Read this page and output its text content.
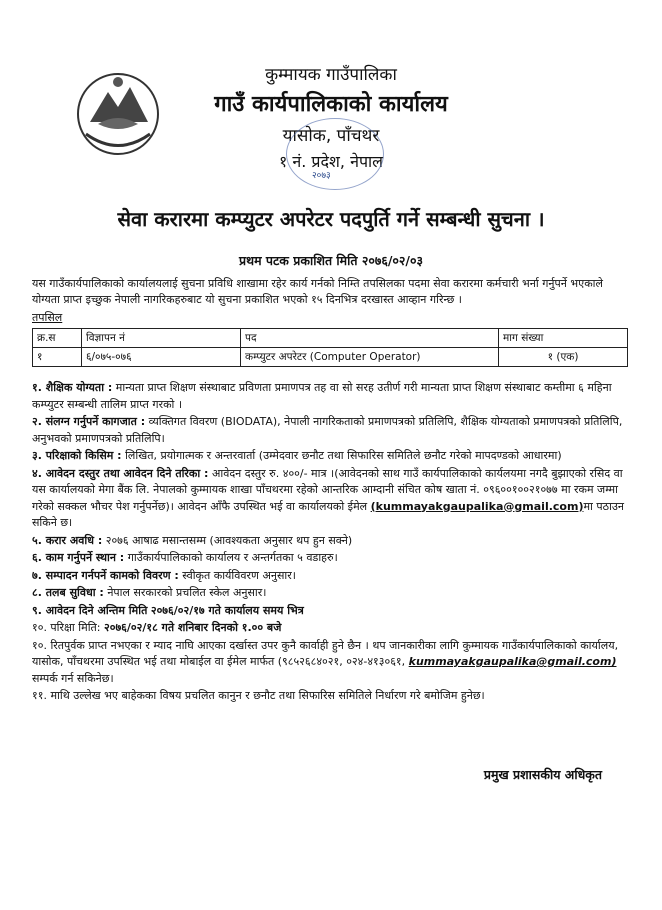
कुम्मायक गाउँपालिका
गाउँ कार्यपालिकाको कार्यालय
यासोक, पाँचथर
१ नं. प्रदेश, नेपाल
२०७३
सेवा करारमा कम्प्युटर अपरेटर पदपुर्ति गर्ने सम्बन्धी सुचना ।
प्रथम पटक प्रकाशित मिति २०७६/०२/०३
यस गाउँकार्यपालिकाको कार्यालयलाई सुचना प्रविधि शाखामा रहेर कार्य गर्नको निम्ति तपसिलका पदमा सेवा करारमा कर्मचारी भर्ना गर्नुपर्ने भएकाले योग्यता प्राप्त इच्छुक नेपाली नागरिकहरुबाट यो सुचना प्रकाशित भएको १५ दिनभित्र दरखास्त आव्हान गरिन्छ ।
तपसिल
क्र.स	विज्ञापन नं	पद	माग संख्या
१	६/०७५-०७६	कम्प्युटर अपरेटर (Computer Operator)	१ (एक)

१. शैक्षिक योग्यता : मान्यता प्राप्त शिक्षण संस्थाबाट प्रविणता प्रमाणपत्र तह वा सो सरह उतीर्ण गरी मान्यता प्राप्त शिक्षण संस्थाबाट कम्तीमा ६ महिना कम्प्युटर सम्बन्धी तालिम प्राप्त गरको ।

२. संलग्न गर्नुपर्ने कागजात : व्यक्तिगत विवरण (BIODATA), नेपाली नागरिकताको प्रमाणपत्रको प्रतिलिपि, शैक्षिक योग्यताको प्रमाणपत्रको प्रतिलिपि, अनुभवको प्रमाणपत्रको प्रतिलिपि।

३. परिक्षाको किसिम : लिखित, प्रयोगात्मक र अन्तरवार्ता (उम्मेदवार छनौट तथा सिफारिस समितिले छनौट गरेको मापदण्डको आधारमा)

४. आवेदन दस्तुर तथा आवेदन दिने तरिका : आवेदन दस्तुर रु. ४००/- मात्र ।(आवेदनको साथ गाउँ कार्यपालिकाको कार्यलयमा नगदै बुझाएको रसिद वा यस कार्यालयको मेगा बैंक लि. नेपालको कुम्मायक शाखा पाँचथरमा रहेको आन्तरिक आम्दानी संचित कोष खाता नं. ०९६००१००२१०७७ मा रकम जम्मा गरेको सक्कल भौचर पेश गर्नुपर्नेछ)। आवेदन आँफै उपस्थित भई वा कार्यालयको ईमेल (kummayakgaupalika@gmail.com)मा पठाउन सकिने छ।

५. करार अवधि : २०७६ आषाढ मसान्तसम्म (आवश्यकता अनुसार थप हुन सक्ने)

६. काम गर्नुपर्ने स्थान : गाउँकार्यपालिकाको कार्यालय र अन्तर्गतका ५ वडाहरु।

७. सम्पादन गर्नपर्ने कामको विवरण : स्वीकृत कार्यविवरण अनुसार।

८. तलब सुविधा : नेपाल सरकारको प्रचलित स्केल अनुसार।

९. आवेदन दिने अन्तिम मिति २०७६/०२/१७ गते कार्यालय समय भित्र

१०. परिक्षा मिति: २०७६/०२/१८ गते शनिबार दिनको १.०० बजे

१०. रितपुर्वक प्राप्त नभएका र म्याद नाघि आएका दर्खास्त उपर कुनै कार्वाही हुने छैन । थप जानकारीका लागि कुम्मायक गाउँकार्यपालिकाको कार्यालय, यासोक, पाँचथरमा उपस्थित भई तथा मोबाईल वा ईमेल मार्फत (९८५२६८४०२१, ०२४-४१३०६१, kummayakgaupalika@gmail.com) सम्पर्क गर्न सकिनेछ।

११. माथि उल्लेख भए बाहेकका विषय प्रचलित कानुन र छनौट तथा सिफारिस समितिले निर्धारण गरे बमोजिम हुनेछ।

प्रमुख प्रशासकीय अधिकृत
